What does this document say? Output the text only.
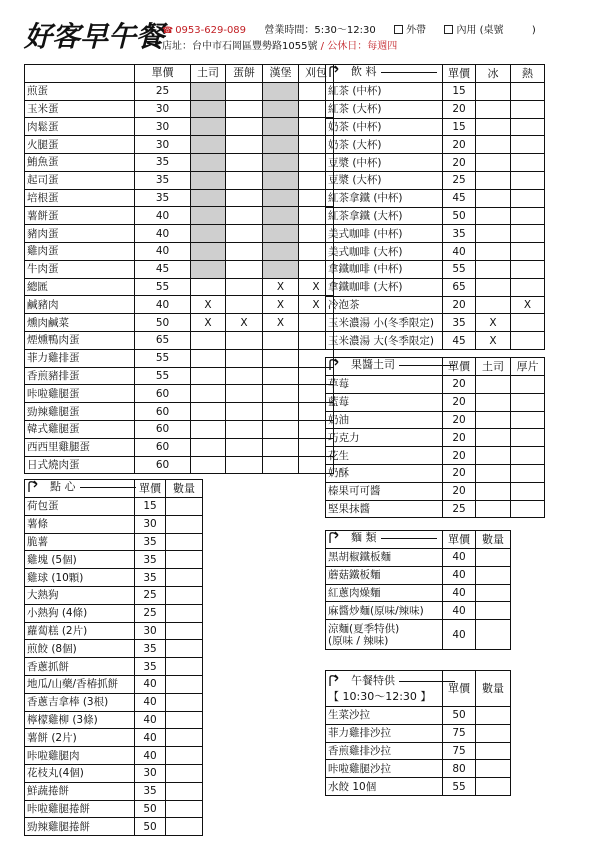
好客早午餐
☎ 0953-629-089 營業時間：5:30～12:30	外帶	內用 (桌號	)
店址：台中市石岡區豐勢路1055號 / 公休日：每週四
	單價	土司	蛋餅	漢堡	刈包
煎蛋	25				
玉米蛋	30				
肉鬆蛋	30				
火腿蛋	30				
鮪魚蛋	35				
起司蛋	35				
培根蛋	35				
薯餅蛋	40				
豬肉蛋	40				
雞肉蛋	40				
牛肉蛋	45				
總匯	55			X	X
鹹豬肉	40	X		X	X
燻肉鹹菜	50	X	X	X	
煙燻鴨肉蛋	65				
菲力雞排蛋	55				
香煎豬排蛋	55				
咔啦雞腿蛋	60				
勁辣雞腿蛋	60				
韓式雞腿蛋	60				
西西里雞腿蛋	60				
日式燒肉蛋	60				
點 心	單價	數量
荷包蛋	15	
薯條	30	
脆薯	35	
雞塊 (5個)	35	
雞球 (10顆)	35	
大熱狗	25	
小熱狗 (4條)	25	
蘿蔔糕 (2片)	30	
煎餃 (8個)	35	
香蔥抓餅	35	
地瓜/山藥/香椿抓餅	40	
香蔥吉拿棒 (3根)	40	
檸檬雞柳 (3條)	40	
薯餅 (2片)	40	
咔啦雞腿肉	40	
花枝丸(4個)	30	
鮮蔬捲餅	35	
咔啦雞腿捲餅	50	
勁辣雞腿捲餅	50	
飲 料	單價	冰	熱
紅茶 (中杯)	15		
紅茶 (大杯)	20		
奶茶 (中杯)	15		
奶茶 (大杯)	20		
豆漿 (中杯)	20		
豆漿 (大杯)	25		
紅茶拿鐵 (中杯)	45		
紅茶拿鐵 (大杯)	50		
美式咖啡 (中杯)	35		
美式咖啡 (大杯)	40		
拿鐵咖啡 (中杯)	55		
拿鐵咖啡 (大杯)	65		
冷泡茶	20		X
玉米濃湯 小(冬季限定)	35	X	
玉米濃湯 大(冬季限定)	45	X	
果醬土司	單價	土司	厚片
草莓	20		
藍莓	20		
奶油	20		
巧克力	20		
花生	20		
奶酥	20		
榛果可可醬	20		
堅果抹醬	25		
麵 類	單價	數量
黑胡椒鐵板麵	40	
蘑菇鐵板麵	40	
紅蔥肉燥麵	40	
麻醬炒麵(原味/辣味)	40	

涼麵(夏季特供)
(原味 / 辣味)	40	
午餐特供
【 10:30～12:30 】	單價	數量
生菜沙拉	50	
菲力雞排沙拉	75	
香煎雞排沙拉	75	
咔啦雞腿沙拉	80	
水餃 10個	55	
